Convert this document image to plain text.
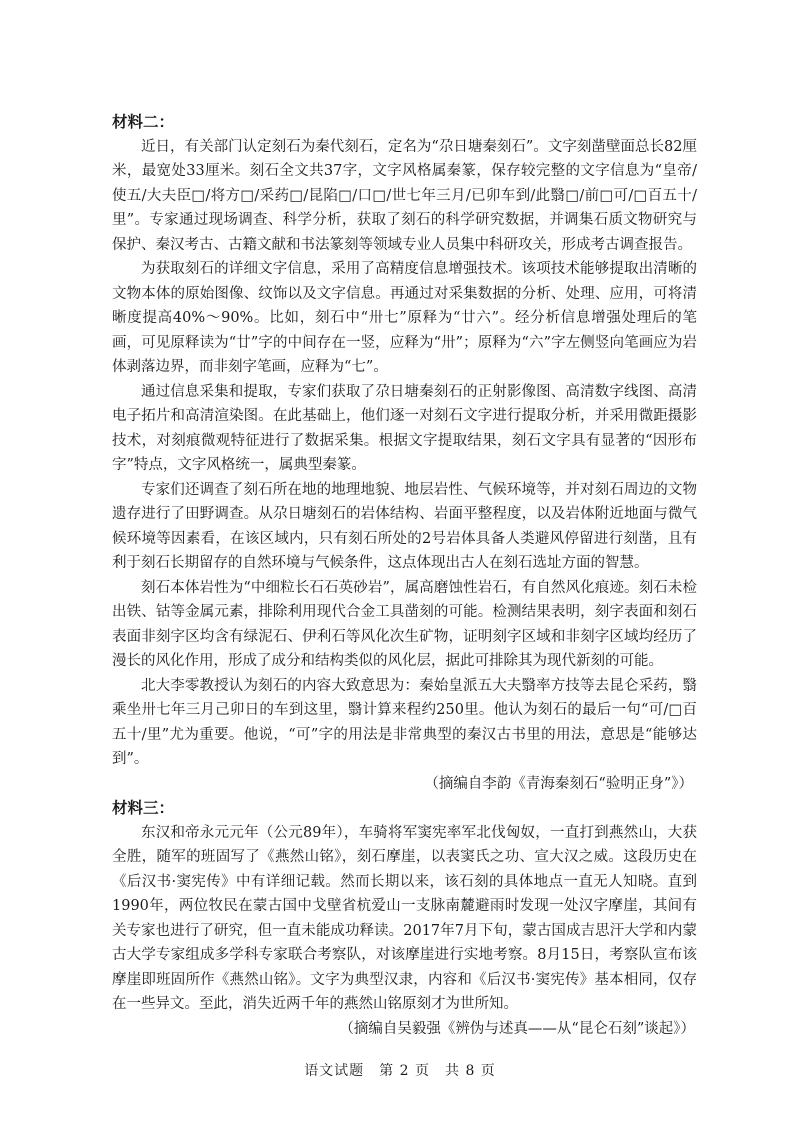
材料二：

近日，有关部门认定刻石为秦代刻石，定名为“尕日塘秦刻石”。文字刻凿壁面总长82厘米，最宽处33厘米。刻石全文共37字，文字风格属秦篆，保存较完整的文字信息为“皇帝/使五/大夫臣□/将方□/采药□/昆陷□/口□/世七年三月/已卯车到/此翳□/前□可/□百五十/里”。专家通过现场调查、科学分析，获取了刻石的科学研究数据，并调集石质文物研究与保护、秦汉考古、古籍文献和书法篆刻等领域专业人员集中科研攻关，形成考古调查报告。

为获取刻石的详细文字信息，采用了高精度信息增强技术。该项技术能够提取出清晰的文物本体的原始图像、纹饰以及文字信息。再通过对采集数据的分析、处理、应用，可将清晰度提高40%～90%。比如，刻石中“卅七”原释为“廿六”。经分析信息增强处理后的笔画，可见原释读为“廿”字的中间存在一竖，应释为“卅”；原释为“六”字左侧竖向笔画应为岩体剥落边界，而非刻字笔画，应释为“七”。

通过信息采集和提取，专家们获取了尕日塘秦刻石的正射影像图、高清数字线图、高清电子拓片和高清渲染图。在此基础上，他们逐一对刻石文字进行提取分析，并采用微距摄影技术，对刻痕微观特征进行了数据采集。根据文字提取结果，刻石文字具有显著的“因形布字”特点，文字风格统一，属典型秦篆。

专家们还调查了刻石所在地的地理地貌、地层岩性、气候环境等，并对刻石周边的文物遗存进行了田野调查。从尕日塘刻石的岩体结构、岩面平整程度，以及岩体附近地面与微气候环境等因素看，在该区域内，只有刻石所处的2号岩体具备人类避风停留进行刻凿，且有利于刻石长期留存的自然环境与气候条件，这点体现出古人在刻石选址方面的智慧。

刻石本体岩性为“中细粒长石石英砂岩”，属高磨蚀性岩石，有自然风化痕迹。刻石未检出铁、钴等金属元素，排除利用现代合金工具凿刻的可能。检测结果表明，刻字表面和刻石表面非刻字区均含有绿泥石、伊利石等风化次生矿物，证明刻字区域和非刻字区域均经历了漫长的风化作用，形成了成分和结构类似的风化层，据此可排除其为现代新刻的可能。

北大李零教授认为刻石的内容大致意思为：秦始皇派五大夫翳率方技等去昆仑采药，翳乘坐卅七年三月己卯日的车到这里，翳计算来程约250里。他认为刻石的最后一句“可/□百五十/里”尤为重要。他说，“可”字的用法是非常典型的秦汉古书里的用法，意思是“能够达到”。

（摘编自李韵《青海秦刻石“验明正身”》）

材料三：

东汉和帝永元元年（公元89年），车骑将军窦宪率军北伐匈奴，一直打到燕然山，大获全胜，随军的班固写了《燕然山铭》，刻石摩崖，以表窦氏之功、宣大汉之威。这段历史在《后汉书·窦宪传》中有详细记载。然而长期以来，该石刻的具体地点一直无人知晓。直到1990年，两位牧民在蒙古国中戈壁省杭爱山一支脉南麓避雨时发现一处汉字摩崖，其间有关专家也进行了研究，但一直未能成功释读。2017年7月下旬，蒙古国成吉思汗大学和内蒙古大学专家组成多学科专家联合考察队，对该摩崖进行实地考察。8月15日，考察队宣布该摩崖即班固所作《燕然山铭》。文字为典型汉隶，内容和《后汉书·窦宪传》基本相同，仅存在一些异文。至此，消失近两千年的燕然山铭原刻才为世所知。

（摘编自吴毅强《辨伪与述真——从“昆仑石刻”谈起》）

语文试题　第 2 页　共 8 页
